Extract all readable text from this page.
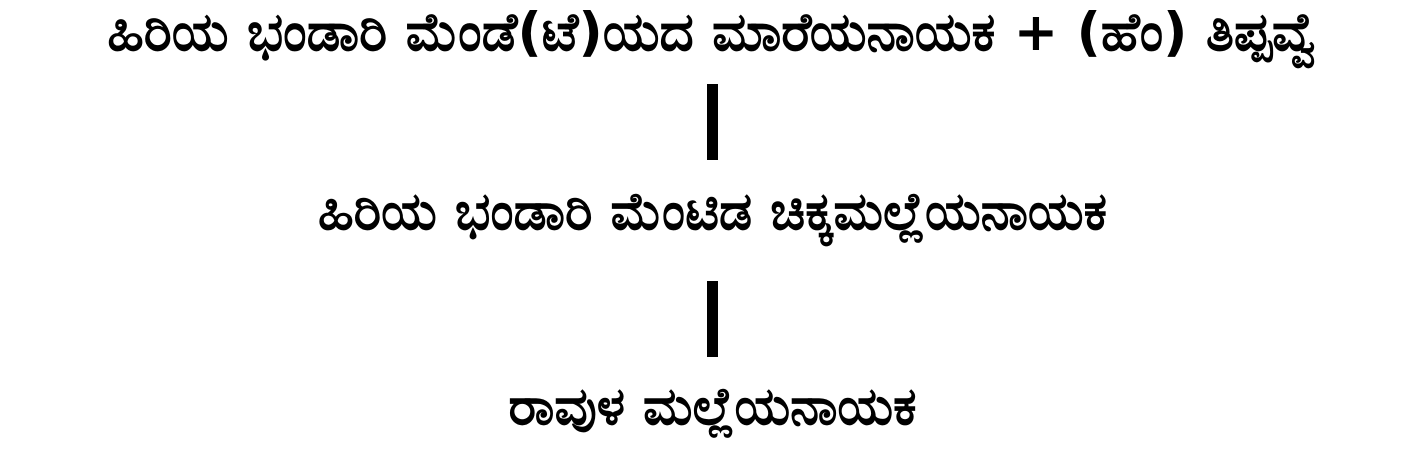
ಹಿರಿಯ ಭಂಡಾರಿ ಮೆಂಡೆ(ಟೆ)ಯದ ಮಾರೆಯನಾಯಕ + (ಹೆಂ) ತಿಪ್ಪವ್ವೆ
ಹಿರಿಯ ಭಂಡಾರಿ ಮೆಂಟಿಡ ಚಿಕ್ಕಮಲ್ಲೆಯನಾಯಕ
ರಾವುಳ ಮಲ್ಲೆಯನಾಯಕ
